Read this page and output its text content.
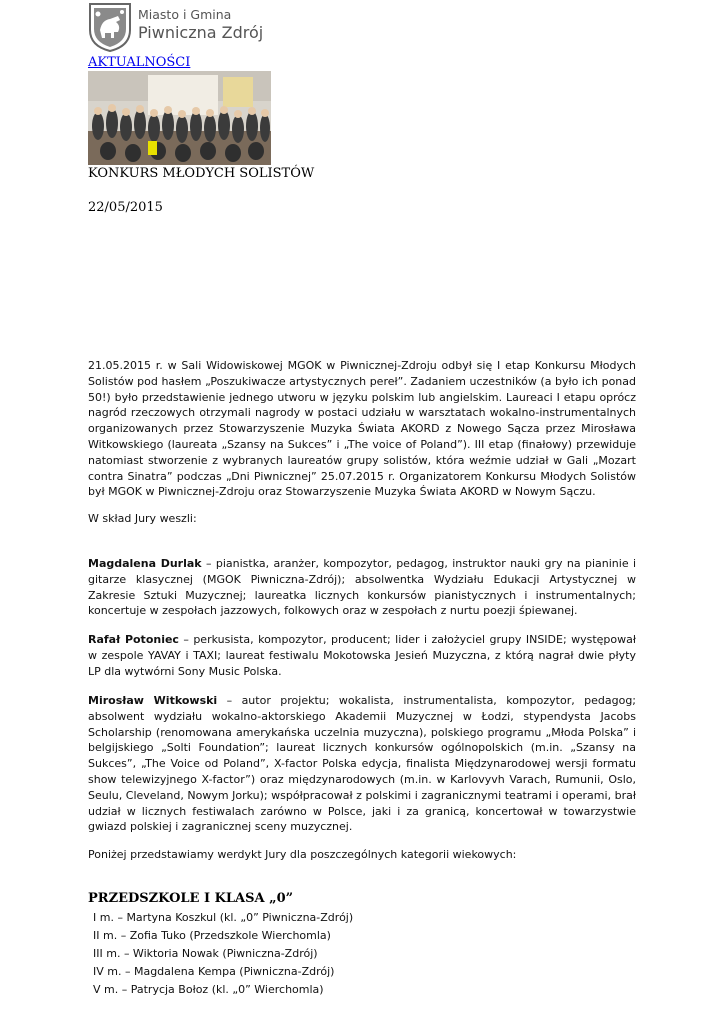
Miasto i Gmina
Piwniczna Zdrój
AKTUALNOŚCI
KONKURS MŁODYCH SOLISTÓW
22/05/2015
21.05.2015 r. w Sali Widowiskowej MGOK w Piwnicznej-Zdroju odbył się I etap Konkursu Młodych Solistów pod hasłem „Poszukiwacze artystycznych pereł”. Zadaniem uczestników (a było ich ponad 50!) było przedstawienie jednego utworu w języku polskim lub angielskim. Laureaci I etapu oprócz nagród rzeczowych otrzymali nagrody w postaci udziału w warsztatach wokalno-instrumentalnych organizowanych przez Stowarzyszenie Muzyka Świata AKORD z Nowego Sącza przez Mirosława Witkowskiego (laureata „Szansy na Sukces” i „The voice of Poland”). III etap (finałowy) przewiduje natomiast stworzenie z wybranych laureatów grupy solistów, która weźmie udział w Gali „Mozart contra Sinatra” podczas „Dni Piwnicznej” 25.07.2015 r. Organizatorem Konkursu Młodych Solistów był MGOK w Piwnicznej-Zdroju oraz Stowarzyszenie Muzyka Świata AKORD w Nowym Sączu.
W skład Jury weszli:
Magdalena Durlak – pianistka, aranżer, kompozytor, pedagog, instruktor nauki gry na pianinie i gitarze klasycznej (MGOK Piwniczna-Zdrój); absolwentka Wydziału Edukacji Artystycznej w Zakresie Sztuki Muzycznej; laureatka licznych konkursów pianistycznych i instrumentalnych; koncertuje w zespołach jazzowych, folkowych oraz w zespołach z nurtu poezji śpiewanej.
Rafał Potoniec – perkusista, kompozytor, producent; lider i założyciel grupy INSIDE; występował w zespole YAVAY i TAXI; laureat festiwalu Mokotowska Jesień Muzyczna, z którą nagrał dwie płyty LP dla wytwórni Sony Music Polska.
Mirosław Witkowski – autor projektu; wokalista, instrumentalista, kompozytor, pedagog; absolwent wydziału wokalno-aktorskiego Akademii Muzycznej w Łodzi, stypendysta Jacobs Scholarship (renomowana amerykańska uczelnia muzyczna), polskiego programu „Młoda Polska” i belgijskiego „Solti Foundation”; laureat licznych konkursów ogólnopolskich (m.in. „Szansy na Sukces”, „The Voice od Poland”, X-factor Polska edycja, finalista Międzynarodowej wersji formatu show telewizyjnego X-factor”) oraz międzynarodowych (m.in. w Karlovyvh Varach, Rumunii, Oslo, Seulu, Cleveland, Nowym Jorku); współpracował z polskimi i zagranicznymi teatrami i operami, brał udział w licznych festiwalach zarówno w Polsce, jaki i za granicą, koncertował w towarzystwie gwiazd polskiej i zagranicznej sceny muzycznej.
Poniżej przedstawiamy werdykt Jury dla poszczególnych kategorii wiekowych:
PRZEDSZKOLE I KLASA „0”
I m. – Martyna Koszkul (kl. „0” Piwniczna-Zdrój)
II m. – Zofia Tuko (Przedszkole Wierchomla)
III m. – Wiktoria Nowak (Piwniczna-Zdrój)
IV m. – Magdalena Kempa (Piwniczna-Zdrój)
V m. – Patrycja Bołoz (kl. „0” Wierchomla)
